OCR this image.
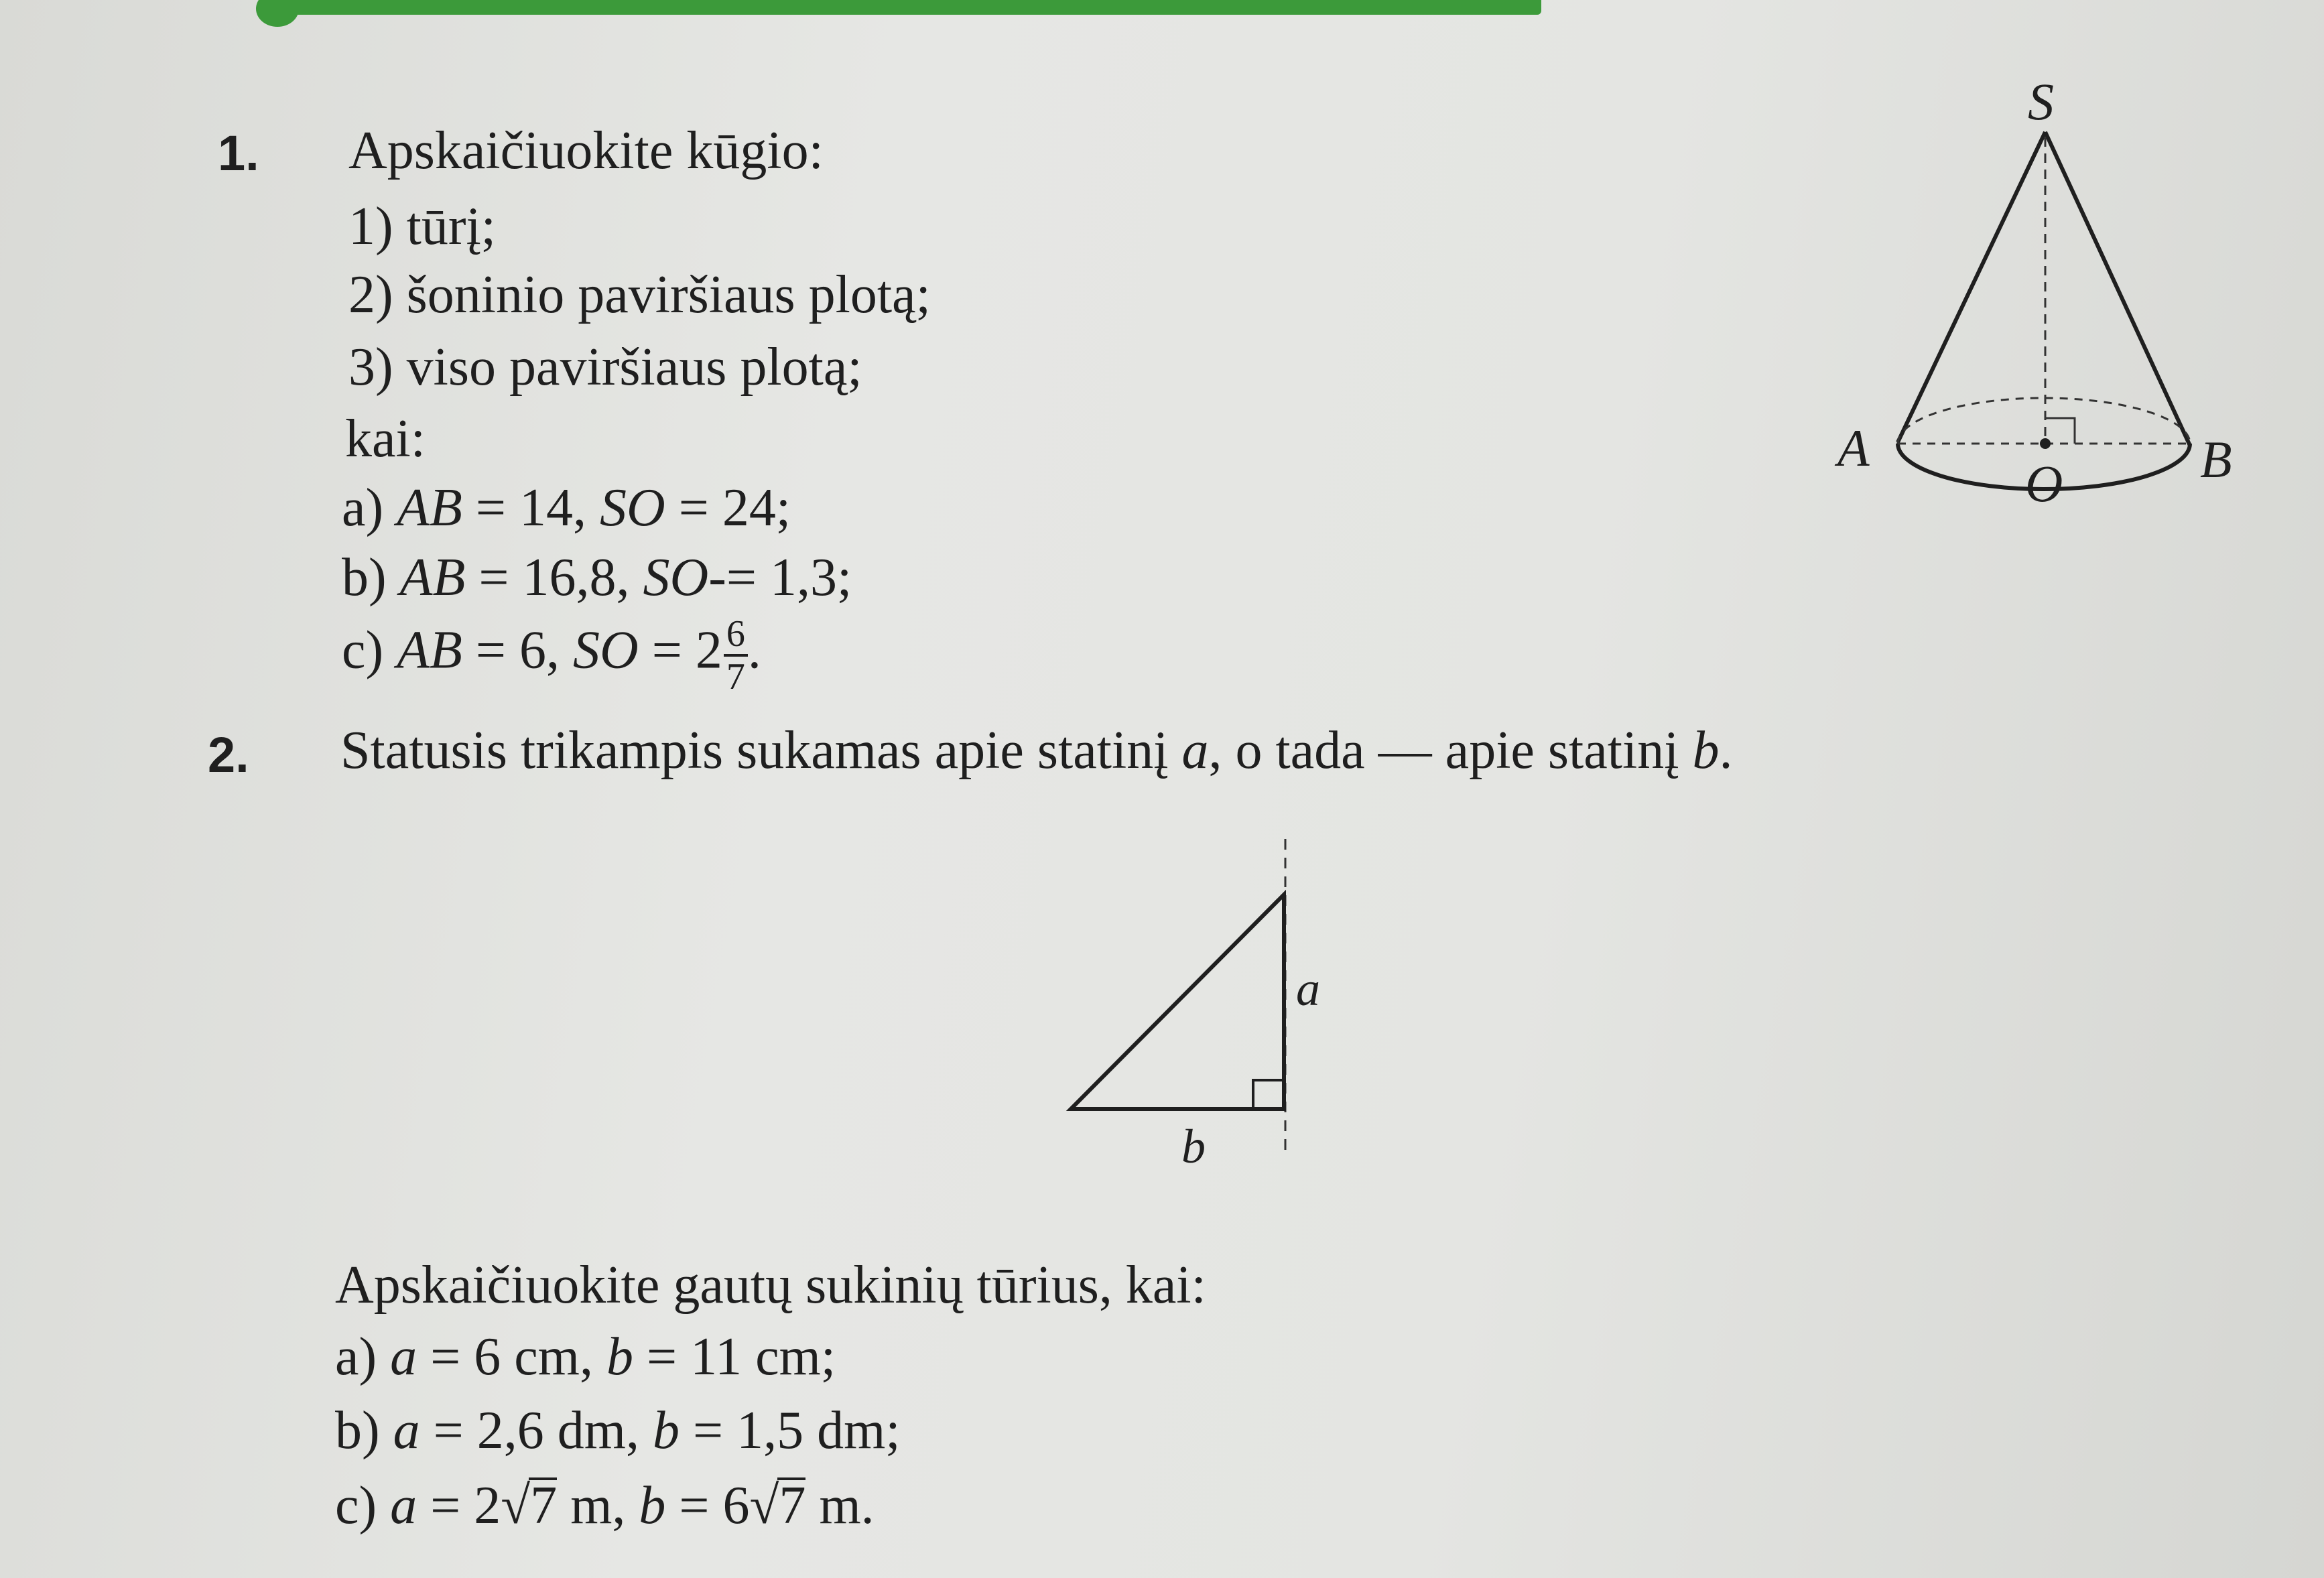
1. Apskaičiuokite kūgio:
1) tūrį;
2) šoninio paviršiaus plotą;
3) viso paviršiaus plotą;
kai:
a) AB = 14, SO = 24;
b) AB = 16,8, SO-= 1,3;
c) AB = 6, SO = $2 \frac{6}{7}$ .
S
A	B
O
2. Statusis trikampis sukamas apie statinį a, o tada — apie statinį b.
a
b
Apskaičiuokite gautų sukinių tūrius, kai:
a) a = 6 cm, b = 11 cm;
b) a = 2,6 dm, b = 1,5 dm;
c) a = 2√7 m, b = 6√7 m.
